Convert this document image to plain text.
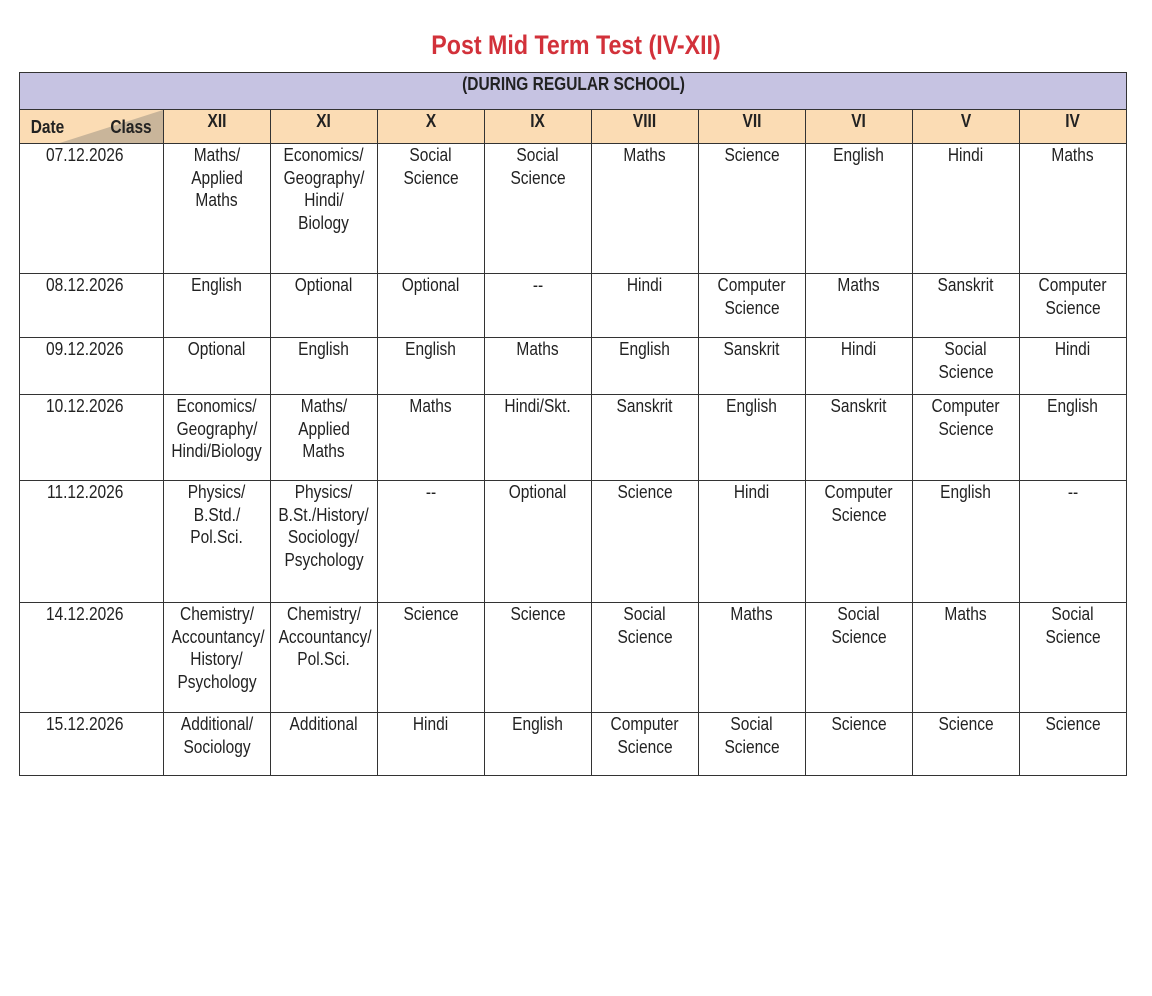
Post Mid Term Test (IV-XII)
(DURING REGULAR SCHOOL)									

Date Class	XII	XI	X	IX	VIII	VII	VI	V	IV
07.12.2026	Maths/
Applied
Maths	Economics/
Geography/
Hindi/
Biology	Social
Science	Social
Science	Maths	Science	English	Hindi	Maths

08.12.2026	English	Optional	Optional	--	Hindi	Computer
Science	Maths	Sanskrit	Computer
Science

09.12.2026	Optional	English	English	Maths	English	Sanskrit	Hindi	Social
Science	Hindi

10.12.2026	Economics/
Geography/
Hindi/Biology	Maths/
Applied
Maths	Maths	Hindi/Skt.	Sanskrit	English	Sanskrit	Computer
Science	English

11.12.2026	Physics/
B.Std./
Pol.Sci.	Physics/
B.St./History/
Sociology/
Psychology	--	Optional	Science	Hindi	Computer
Science	English	--

14.12.2026	Chemistry/
Accountancy/
History/
Psychology	Chemistry/
Accountancy/
Pol.Sci.	Science	Science	Social
Science	Maths	Social
Science	Maths	Social
Science

15.12.2026	Additional/
Sociology	Additional	Hindi	English	Computer
Science	Social
Science	Science	Science	Science
